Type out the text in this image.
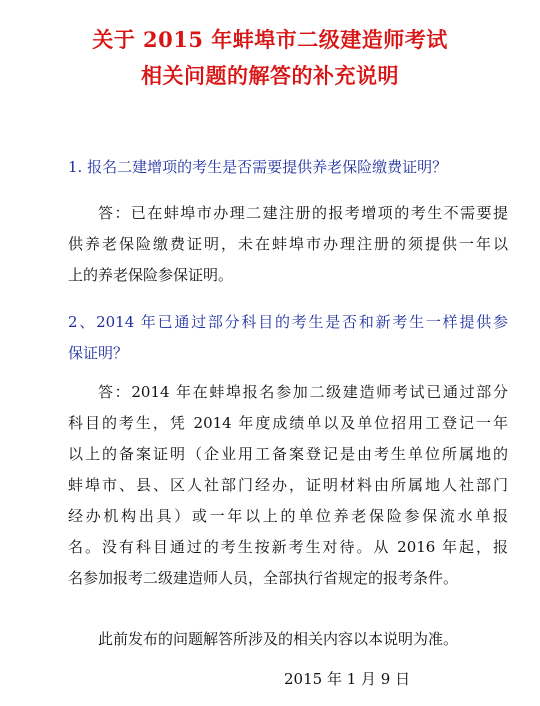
关于 2015 年蚌埠市二级建造师考试
相关问题的解答的补充说明
1. 报名二建增项的考生是否需要提供养老保险缴费证明？
答：已在蚌埠市办理二建注册的报考增项的考生不需要提
供养老保险缴费证明，未在蚌埠市办理注册的须提供一年以
上的养老保险参保证明。
2、2014 年已通过部分科目的考生是否和新考生一样提供参
保证明？
答：2014 年在蚌埠报名参加二级建造师考试已通过部分
科目的考生，凭 2014 年度成绩单以及单位招用工登记一年
以上的备案证明（企业用工备案登记是由考生单位所属地的
蚌埠市、县、区人社部门经办，证明材料由所属地人社部门
经办机构出具）或一年以上的单位养老保险参保流水单报
名。没有科目通过的考生按新考生对待。从 2016 年起，报
名参加报考二级建造师人员，全部执行省规定的报考条件。
此前发布的问题解答所涉及的相关内容以本说明为准。
2015 年 1 月 9 日
